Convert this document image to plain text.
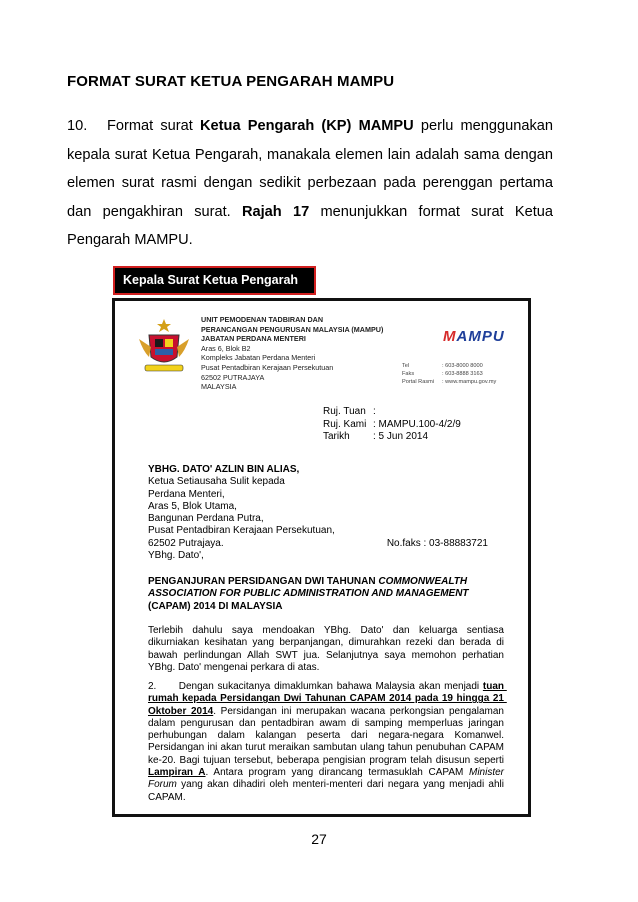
FORMAT SURAT KETUA PENGARAH MAMPU
10. Format surat Ketua Pengarah (KP) MAMPU perlu menggunakan kepala surat Ketua Pengarah, manakala elemen lain adalah sama dengan elemen surat rasmi dengan sedikit perbezaan pada perenggan pertama dan pengakhiran surat. Rajah 17 menunjukkan format surat Ketua Pengarah MAMPU.
Kepala Surat Ketua Pengarah
UNIT PEMODENAN TADBIRAN DAN
PERANCANGAN PENGURUSAN MALAYSIA (MAMPU)
JABATAN PERDANA MENTERI
Aras 6, Blok B2
Kompleks Jabatan Perdana Menteri
Pusat Pentadbiran Kerajaan Persekutuan
62502 PUTRAJAYA
MALAYSIA
MAMPU
Tel	: 603-8000 8000
Faks	: 603-8888 3163
Portal Rasmi : www.mampu.gov.my
Ruj. Tuan :
Ruj. Kami : MAMPU.100-4/2/9
Tarikh : 5 Jun 2014
YBHG. DATO' AZLIN BIN ALIAS,
Ketua Setiausaha Sulit kepada
Perdana Menteri,
Aras 5, Blok Utama,
Bangunan Perdana Putra,
Pusat Pentadbiran Kerajaan Persekutuan,
62502 Putrajaya.	No.faks : 03-88883721
YBhg. Dato',
PENGANJURAN PERSIDANGAN DWI TAHUNAN COMMONWEALTH ASSOCIATION FOR PUBLIC ADMINISTRATION AND MANAGEMENT (CAPAM) 2014 DI MALAYSIA
Terlebih dahulu saya mendoakan YBhg. Dato' dan keluarga sentiasa dikurniakan kesihatan yang berpanjangan, dimurahkan rezeki dan berada di bawah perlindungan Allah SWT jua. Selanjutnya saya memohon perhatian YBhg. Dato' mengenai perkara di atas.
2.      Dengan sukacitanya dimaklumkan bahawa Malaysia akan menjadi tuan rumah kepada Persidangan Dwi Tahunan CAPAM 2014 pada 19 hingga 21 Oktober 2014. Persidangan ini merupakan wacana perkongsian pengalaman dalam pengurusan dan pentadbiran awam di samping memperluas jaringan perhubungan dalam kalangan peserta dari negara-negara Komanwel. Persidangan ini akan turut meraikan sambutan ulang tahun penubuhan CAPAM ke-20. Bagi tujuan tersebut, beberapa pengisian program telah disusun seperti Lampiran A. Antara program yang dirancang termasuklah CAPAM Minister Forum yang akan dihadiri oleh menteri-menteri dari negara yang menjadi ahli CAPAM.
27
